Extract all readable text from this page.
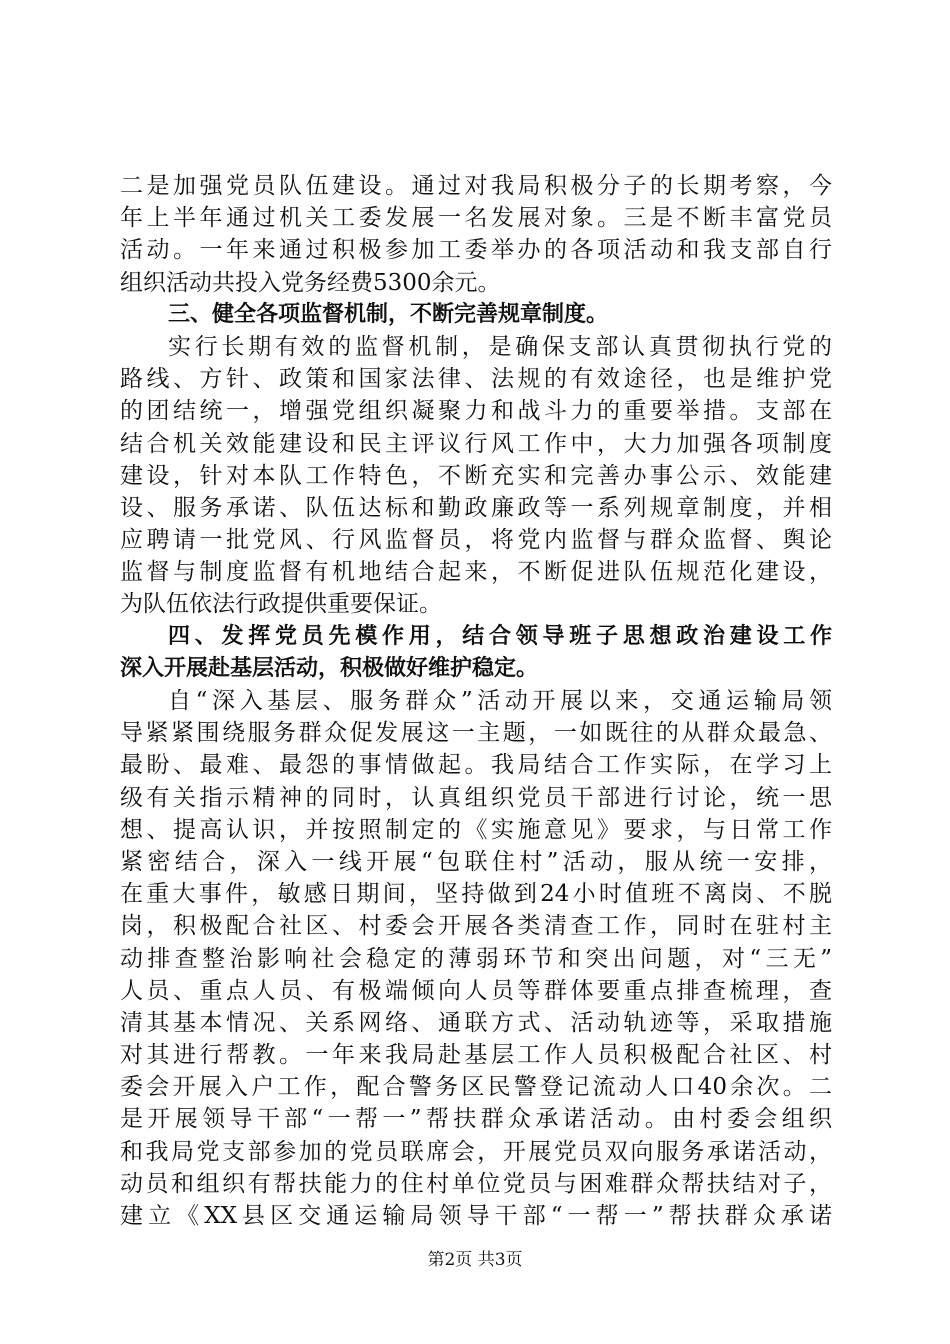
二是加强党员队伍建设。通过对我局积极分子的长期考察，今
年上半年通过机关工委发展一名发展对象。三是不断丰富党员
活动。一年来通过积极参加工委举办的各项活动和我支部自行
组织活动共投入党务经费5300余元。
三、健全各项监督机制，不断完善规章制度。
实行长期有效的监督机制，是确保支部认真贯彻执行党的
路线、方针、政策和国家法律、法规的有效途径，也是维护党
的团结统一，增强党组织凝聚力和战斗力的重要举措。支部在
结合机关效能建设和民主评议行风工作中，大力加强各项制度
建设，针对本队工作特色，不断充实和完善办事公示、效能建
设、服务承诺、队伍达标和勤政廉政等一系列规章制度，并相
应聘请一批党风、行风监督员，将党内监督与群众监督、舆论
监督与制度监督有机地结合起来，不断促进队伍规范化建设，
为队伍依法行政提供重要保证。
四、发挥党员先模作用，结合领导班子思想政治建设工作
深入开展赴基层活动，积极做好维护稳定。
自“深入基层、服务群众”活动开展以来，交通运输局领
导紧紧围绕服务群众促发展这一主题，一如既往的从群众最急、
最盼、最难、最怨的事情做起。我局结合工作实际，在学习上
级有关指示精神的同时，认真组织党员干部进行讨论，统一思
想、提高认识，并按照制定的《实施意见》要求，与日常工作
紧密结合，深入一线开展“包联住村”活动，服从统一安排，
在重大事件，敏感日期间，坚持做到24小时值班不离岗、不脱
岗，积极配合社区、村委会开展各类清查工作，同时在驻村主
动排查整治影响社会稳定的薄弱环节和突出问题，对“三无”
人员、重点人员、有极端倾向人员等群体要重点排查梳理，查
清其基本情况、关系网络、通联方式、活动轨迹等，采取措施
对其进行帮教。一年来我局赴基层工作人员积极配合社区、村
委会开展入户工作，配合警务区民警登记流动人口40余次。二
是开展领导干部“一帮一”帮扶群众承诺活动。由村委会组织
和我局党支部参加的党员联席会，开展党员双向服务承诺活动，
动员和组织有帮扶能力的住村单位党员与困难群众帮扶结对子，
建立《XX县区交通运输局领导干部“一帮一”帮扶群众承诺
第2页 共3页
